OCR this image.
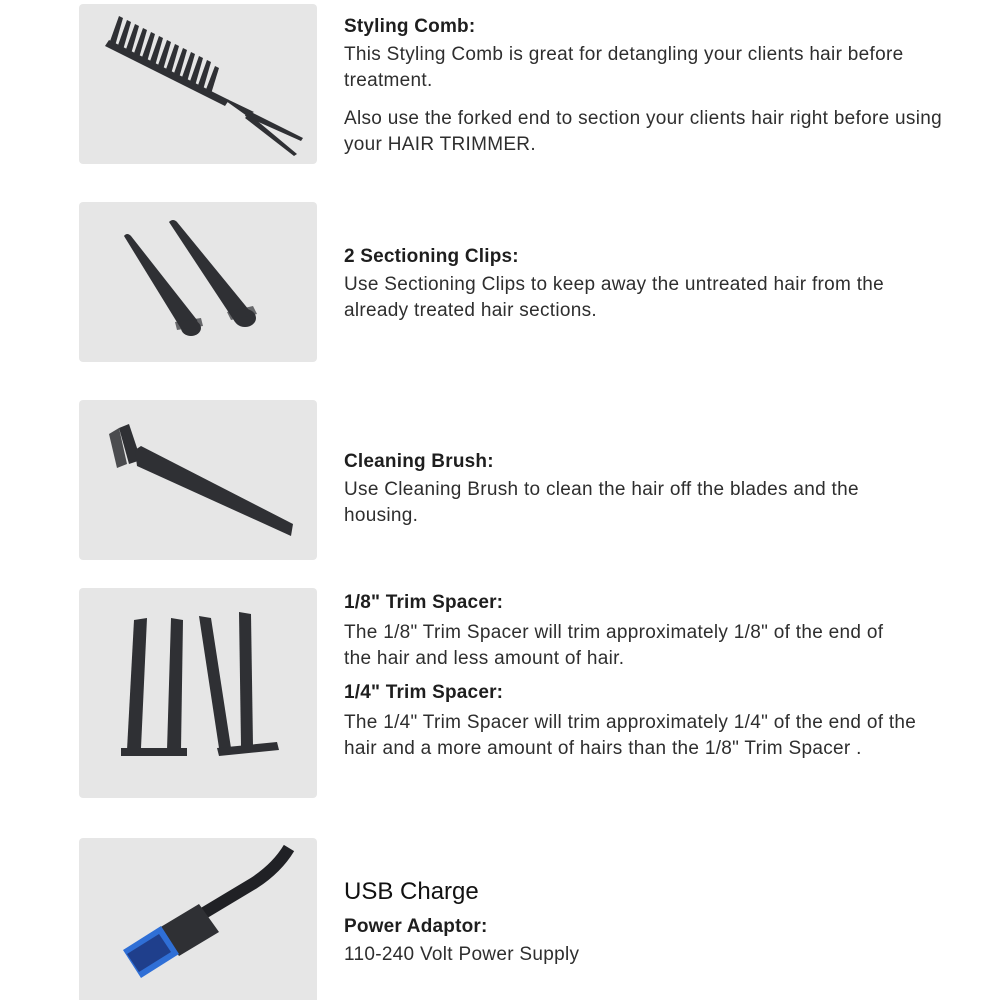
Styling Comb:

This Styling Comb is great for detangling your clients hair before treatment.

Also use the forked end to section your clients hair right before using your HAIR TRIMMER.

2 Sectioning Clips:

Use Sectioning Clips to keep away the untreated hair from the already treated hair sections.

Cleaning Brush:

Use Cleaning Brush to clean the hair off the blades and the housing.

1/8" Trim Spacer:

The 1/8" Trim Spacer will trim approximately 1/8" of the end of the hair and less amount of hair.

1/4" Trim Spacer:

The 1/4" Trim Spacer will trim approximately 1/4" of the end of the hair and a more amount of hairs than the 1/8" Trim Spacer .

USB Charge

Power Adaptor:

110-240 Volt Power Supply
